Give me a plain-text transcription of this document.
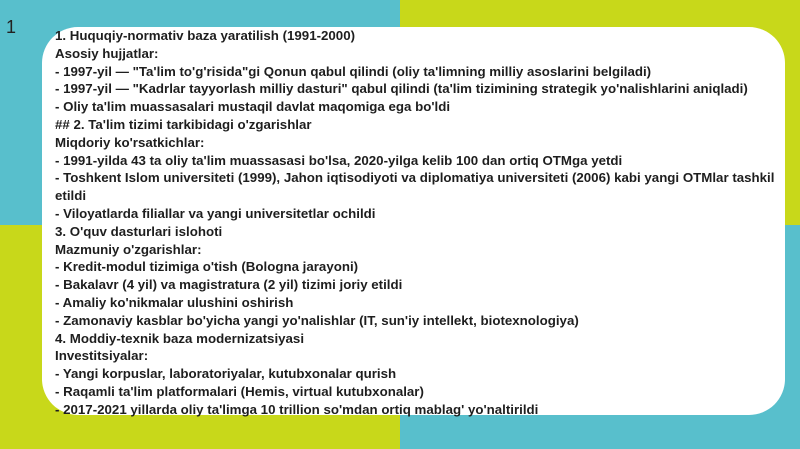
1	1. Huquqiy-normativ baza yaratilish (1991-2000)
Asosiy hujjatlar:
- 1997-yil — "Ta'lim to'g'risida"gi Qonun qabul qilindi (oliy ta'limning milliy asoslarini belgiladi)
- 1997-yil — "Kadrlar tayyorlash milliy dasturi" qabul qilindi (ta'lim tizimining strategik yo'nalishlarini aniqladi)
- Oliy ta'lim muassasalari mustaqil davlat maqomiga ega bo'ldi
## 2. Ta'lim tizimi tarkibidagi o'zgarishlar
Miqdoriy ko'rsatkichlar:
- 1991-yilda 43 ta oliy ta'lim muassasasi bo'lsa, 2020-yilga kelib 100 dan ortiq OTMga yetdi
- Toshkent Islom universiteti (1999), Jahon iqtisodiyoti va diplomatiya universiteti (2006) kabi yangi OTMlar tashkil etildi
- Viloyatlarda filiallar va yangi universitetlar ochildi
3. O'quv dasturlari islohoti
Mazmuniy o'zgarishlar:
- Kredit-modul tizimiga o'tish (Bologna jarayoni)
- Bakalavr (4 yil) va magistratura (2 yil) tizimi joriy etildi
- Amaliy ko'nikmalar ulushini oshirish
- Zamonaviy kasblar bo'yicha yangi yo'nalishlar (IT, sun'iy intellekt, biotexnologiya)
4. Moddiy-texnik baza modernizatsiyasi
Investitsiyalar:
- Yangi korpuslar, laboratoriyalar, kutubxonalar qurish
- Raqamli ta'lim platformalari (Hemis, virtual kutubxonalar)
- 2017-2021 yillarda oliy ta'limga 10 trillion so'mdan ortiq mablag' yo'naltirildi
